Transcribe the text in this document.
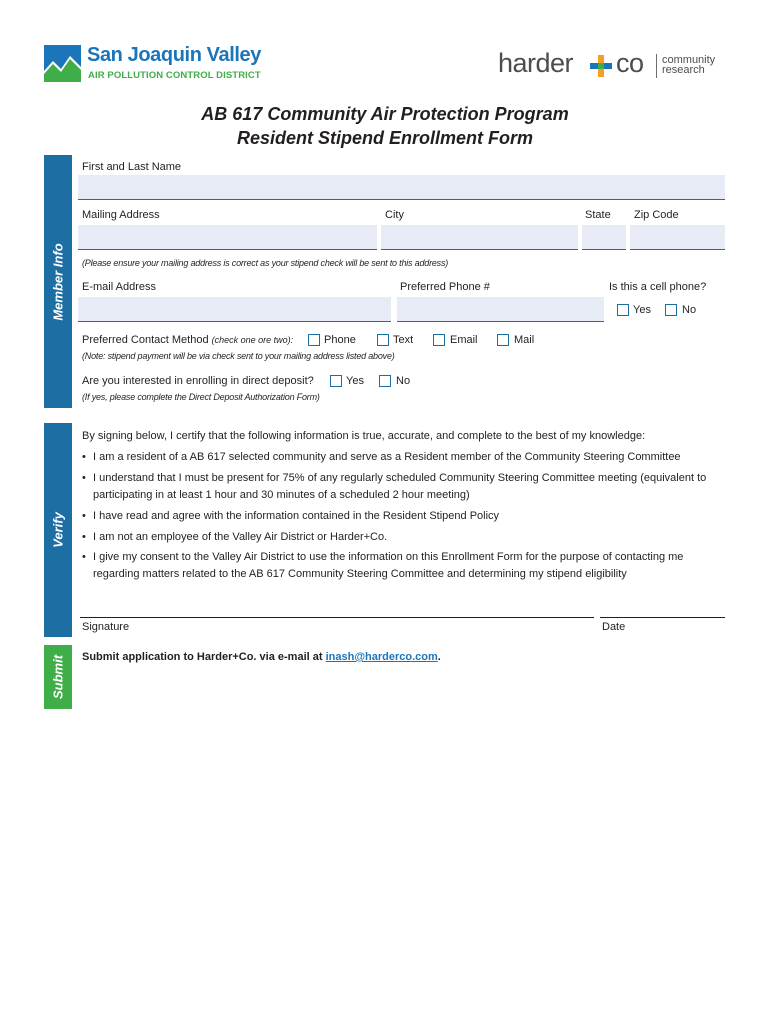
San Joaquin Valley
AIR POLLUTION CONTROL DISTRICT	harder co community
research
AB 617 Community Air Protection Program
Resident Stipend Enrollment Form
Member Info
Verify
Submit
First and Last Name
Mailing Address	City	State Zip Code
(Please ensure your mailing address is correct as your stipend check will be sent to this address)
E-mail Address	Preferred Phone #	Is this a cell phone?
Yes	No
Preferred Contact Method (check one ore two):	Phone	Text	Email	Mail
(Note: stipend payment will be via check sent to your mailing address listed above)
Are you interested in enrolling in direct deposit?	Yes	No
(If yes, please complete the Direct Deposit Authorization Form)
By signing below, I certify that the following information is true, accurate, and complete to the best of my knowledge:
• I am a resident of a AB 617 selected community and serve as a Resident member of the Community Steering Committee
• I understand that I must be present for 75% of any regularly scheduled Community Steering Committee meeting (equivalent to participating in at least 1 hour and 30 minutes of a scheduled 2 hour meeting)
• I have read and agree with the information contained in the Resident Stipend Policy
• I am not an employee of the Valley Air District or Harder+Co.
• I give my consent to the Valley Air District to use the information on this Enrollment Form for the purpose of contacting me regarding matters related to the AB 617 Community Steering Committee and determining my stipend eligibility
Signature	Date
Submit application to Harder+Co. via e-mail at inash@harderco.com.
